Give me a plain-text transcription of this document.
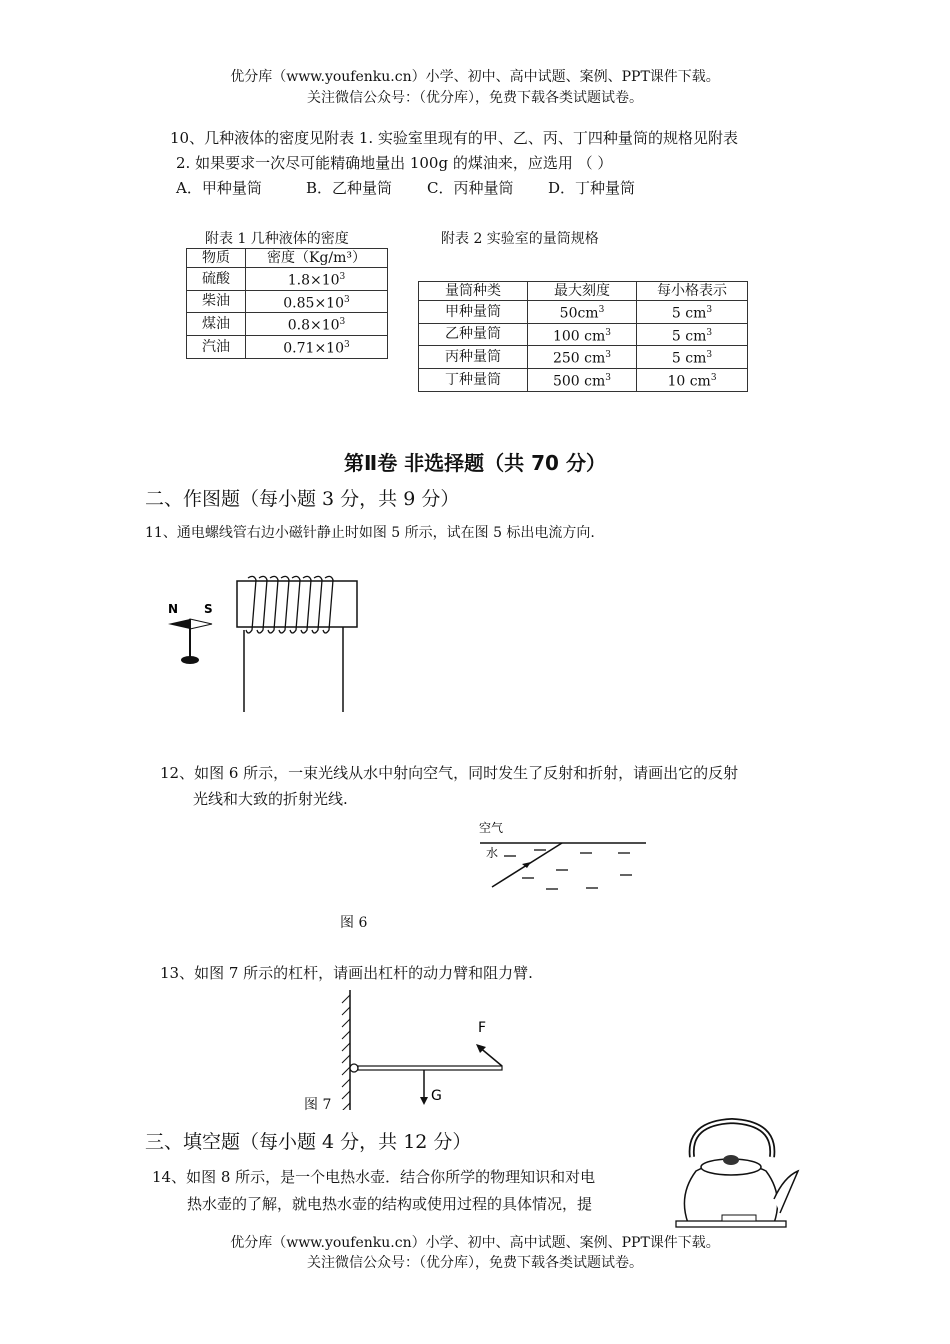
优分库（www.youfenku.cn）小学、初中、高中试题、案例、PPT课件下载。
关注微信公众号：（优分库），免费下载各类试题试卷。
10、几种液体的密度见附表 1. 实验室里现有的甲、乙、丙、丁四种量筒的规格见附表
2. 如果要求一次尽可能精确地量出 100g 的煤油来，应选用 （ ）
A．甲种量筒	B．乙种量筒 C．丙种量筒 D．丁种量筒
附表 1 几种液体的密度
物质	密度（Kg/m³）
硫酸	$1.8\times 10^3$
柴油	$0.85\times 10^3$
煤油	$0.8\times 10^3$
汽油	$0.71\times 10^3$
附表 2 实验室的量筒规格
量筒种类	最大刻度	每小格表示
甲种量筒	$50cm^3$	5 $cm^3$
乙种量筒	100 $cm^3$	5 $cm^3$
丙种量筒	250 $cm^3$	5 $cm^3$
丁种量筒	500 $cm^3$	10 $cm^3$
第Ⅱ卷 非选择题（共 70 分）
二、作图题（每小题 3 分，共 9 分）
11、通电螺线管右边小磁针静止时如图 5 所示，试在图 5 标出电流方向.
N S
12、如图 6 所示，一束光线从水中射向空气，同时发生了反射和折射，请画出它的反射
光线和大致的折射光线.
空气
水
图 6
13、如图 7 所示的杠杆，请画出杠杆的动力臂和阻力臂.
F
G
图 7
三、填空题（每小题 4 分，共 12 分）
14、如图 8 所示，是一个电热水壶．结合你所学的物理知识和对电
热水壶的了解，就电热水壶的结构或使用过程的具体情况，提
优分库（www.youfenku.cn）小学、初中、高中试题、案例、PPT课件下载。
关注微信公众号：（优分库），免费下载各类试题试卷。
